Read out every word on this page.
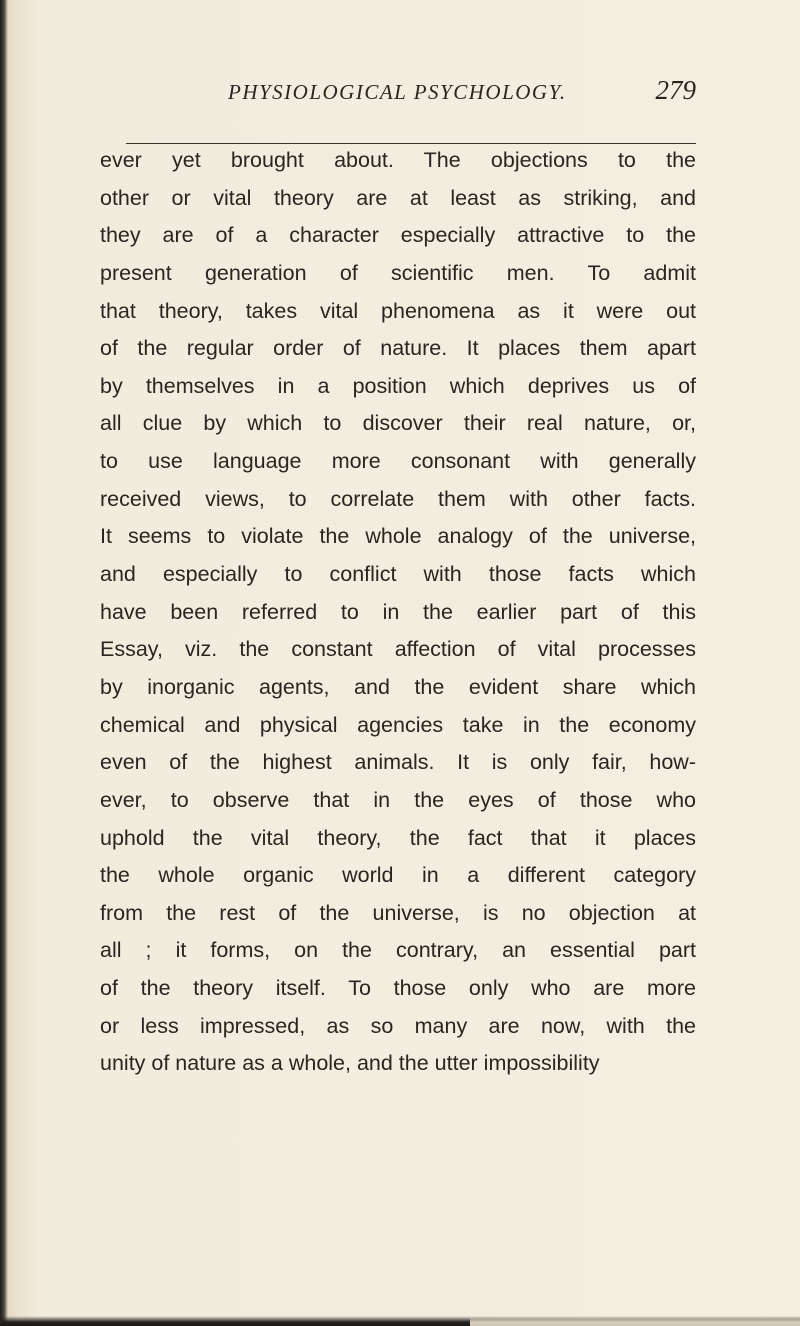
PHYSIOLOGICAL PSYCHOLOGY.	279
ever yet brought about. The objections to the
other or vital theory are at least as striking, and
they are of a character especially attractive to the
present generation of scientific men. To admit
that theory, takes vital phenomena as it were out
of the regular order of nature. It places them apart
by themselves in a position which deprives us of
all clue by which to discover their real nature, or,
to use language more consonant with generally
received views, to correlate them with other facts.
It seems to violate the whole analogy of the universe,
and especially to conflict with those facts which
have been referred to in the earlier part of this
Essay, viz. the constant affection of vital processes
by inorganic agents, and the evident share which
chemical and physical agencies take in the economy
even of the highest animals. It is only fair, how-
ever, to observe that in the eyes of those who
uphold the vital theory, the fact that it places
the whole organic world in a different category
from the rest of the universe, is no objection at
all ; it forms, on the contrary, an essential part
of the theory itself. To those only who are more
or less impressed, as so many are now, with the
unity of nature as a whole, and the utter impossibility
